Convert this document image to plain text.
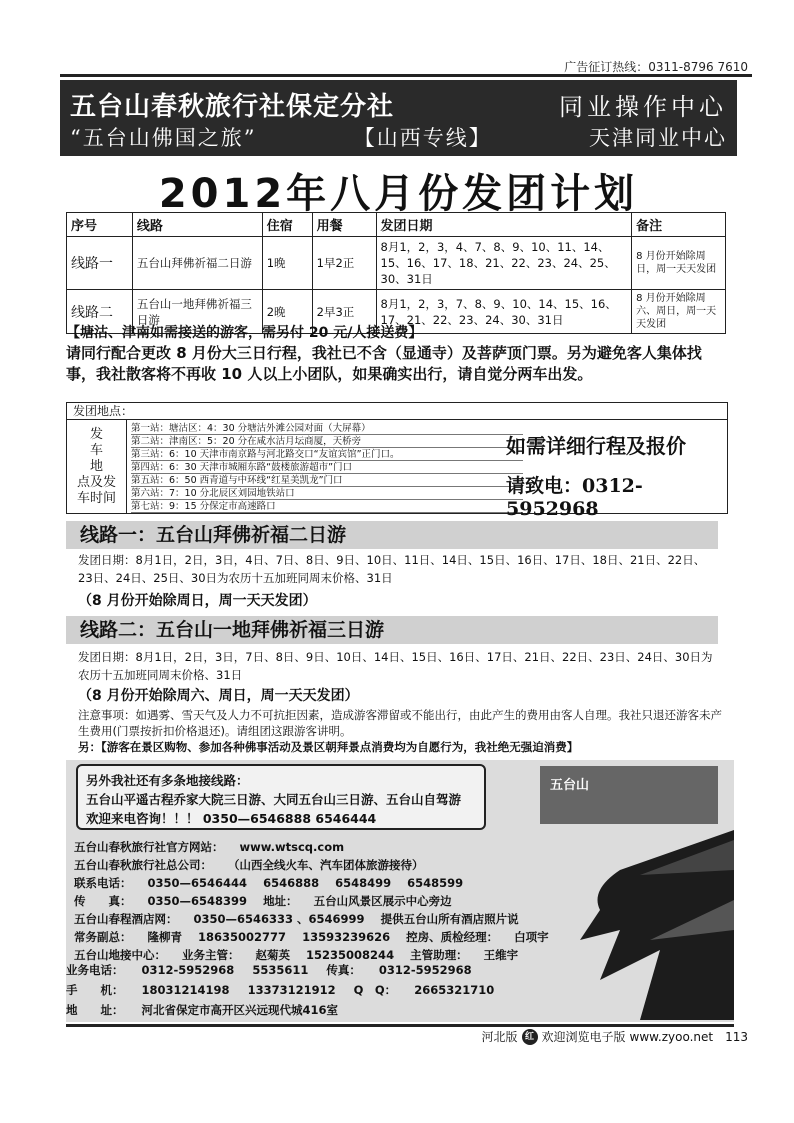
广告征订热线：0311-8796 7610
五台山春秋旅行社保定分社	同业操作中心
“五台山佛国之旅”	【山西专线】	天津同业中心
2012年八月份发团计划
序号	线路	住宿	用餐	发团日期	备注
线路一	五台山拜佛祈福二日游	1晚	1早2正	8月1，2，3，4、7、8、9、10、11、14、15、16、17、18、21、22、23、24、25、30、31日	8 月份开始除周日，周一天天发团
线路二	五台山一地拜佛祈福三日游	2晚	2早3正	8月1，2，3，7、8、9、10、14、15、16、17、21、22、23、24、30、31日	8 月份开始除周六、周日，周一天天发团
【塘沽、津南如需接送的游客，需另付 20 元/人接送费】
请同行配合更改 8 月份大三日行程，我社已不含（显通寺）及菩萨顶门票。另为避免客人集体找事，我社散客将不再收 10 人以上小团队，如果确实出行，请自觉分两车出发。
发团地点：
发
车
地
点及发
车时间
第一站：塘沽区：4：30 分塘沽外滩公园对面（大屏幕）
第二站：津南区：5：20 分在咸水沽月坛商厦，天桥旁
第三站：6：10 天津市南京路与河北路交口“友谊宾馆”正门口。
第四站：6：30 天津市城厢东路“鼓楼旅游超市”门口
第五站：6：50 西青道与中环线“红星美凯龙”门口
第六站：7：10 分北辰区刘园地铁站口
第七站：9：15 分保定市高速路口
如需详细行程及报价
请致电：0312-5952968
线路一：五台山拜佛祈福二日游
发团日期：8月1日，2日，3日，4日、7日、8日、9日、10日、11日、14日、15日、16日、17日、18日、21日、22日、23日、24日、25日、30日为农历十五加班同周末价格、31日
（8 月份开始除周日，周一天天发团）
线路二：五台山一地拜佛祈福三日游
发团日期：8月1日，2日，3日，7日、8日、9日、10日、14日、15日、16日、17日、21日、22日、23日、24日、30日为农历十五加班同周末价格、31日
（8 月份开始除周六、周日，周一天天发团）
注意事项：如遇雾、雪天气及人力不可抗拒因素，造成游客滞留或不能出行，由此产生的费用由客人自理。我社只退还游客未产生费用(门票按折扣价格退还)。请组团这跟游客讲明。
另：【游客在景区购物、参加各种佛事活动及景区朝拜景点消费均为自愿行为，我社绝无强迫消费】
另外我社还有多条地接线路：
五台山平遥古程乔家大院三日游、大同五台山三日游、五台山自驾游
欢迎来电咨询！！！ 0350—6546888 6546444
五台山
五台山春秋旅行社官方网站： www.wtscq.com
五台山春秋旅行社总公司： （山西全线火车、汽车团体旅游接待）
联系电话： 0350—6546444 6546888 6548499 6548599
传　　真： 0350—6548399 地址： 五台山风景区展示中心旁边
五台山春程酒店网： 0350—6546333 、6546999 提供五台山所有酒店照片说
常务副总： 隆柳青 18635002777 13593239626 控房、质检经理： 白项宇
五台山地接中心： 业务主管： 赵菊英 15235008244 主管助理： 王维宇
业务电话： 0312-5952968 5535611 传真： 0312-5952968
手　　机： 18031214198 13373121912 Q　Q： 2665321710
地　　址： 河北省保定市高开区兴远现代城416室
河北版 红 欢迎浏览电子版 www.zyoo.net 113
